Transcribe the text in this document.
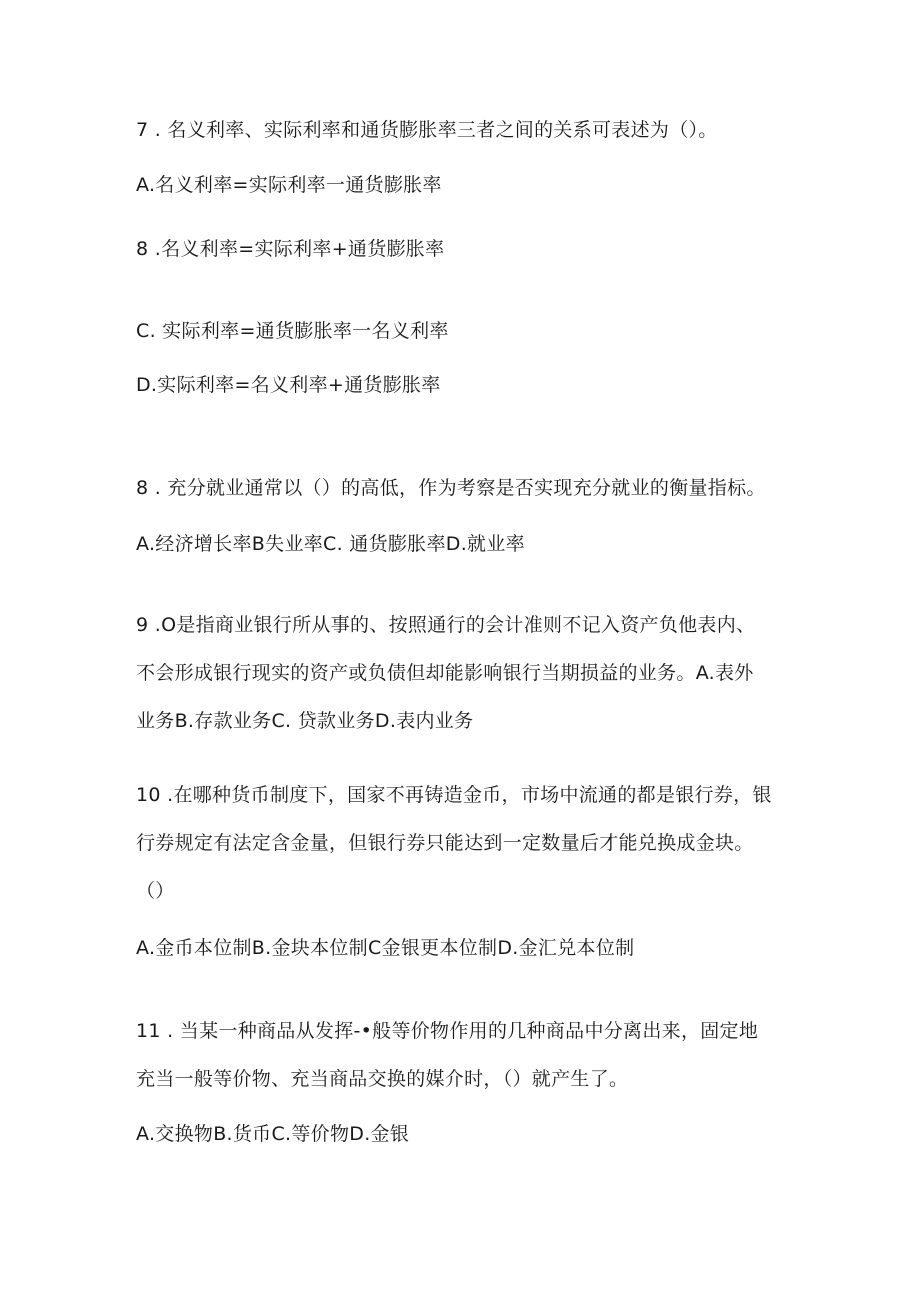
7 . 名义利率、实际利率和通货膨胀率三者之间的关系可表述为（）。
A.名义利率=实际利率一通货膨胀率
8 .名义利率=实际利率+通货膨胀率
C. 实际利率=通货膨胀率一名义利率
D.实际利率=名义利率+通货膨胀率
8 . 充分就业通常以（）的高低，作为考察是否实现充分就业的衡量指标。
A.经济增长率B失业率C. 通货膨胀率D.就业率
9 .O是指商业银行所从事的、按照通行的会计准则不记入资产负他表内、
不会形成银行现实的资产或负债但却能影响银行当期损益的业务。A.表外
业务B.存款业务C. 贷款业务D.表内业务
10 .在哪种货币制度下，国家不再铸造金币，市场中流通的都是银行券，银
行券规定有法定含金量，但银行券只能达到一定数量后才能兑换成金块。
（）
A.金币本位制B.金块本位制C金银更本位制D.金汇兑本位制
11 . 当某一种商品从发挥-•般等价物作用的几种商品中分离出来，固定地
充当一般等价物、充当商品交换的媒介时，（）就产生了。
A.交换物B.货币C.等价物D.金银
